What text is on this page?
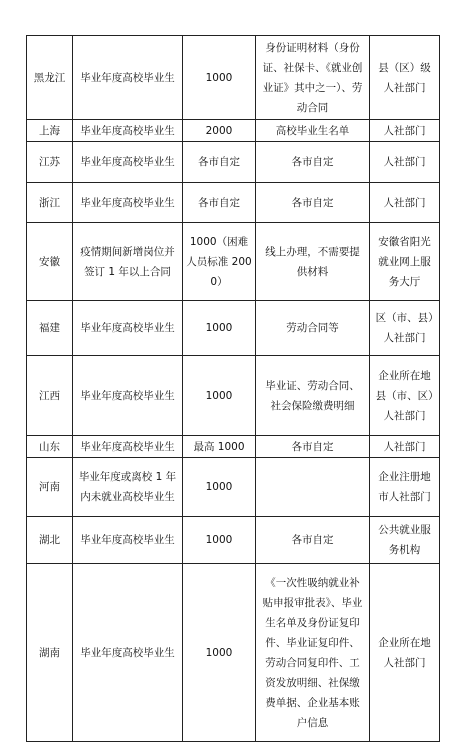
黑龙江	毕业年度高校毕业生	1000	身份证明材料（身份证、社保卡、《就业创业证》其中之一）、劳动合同	县（区）级人社部门
上海	毕业年度高校毕业生	2000	高校毕业生名单	人社部门
江苏	毕业年度高校毕业生	各市自定	各市自定	人社部门
浙江	毕业年度高校毕业生	各市自定	各市自定	人社部门
安徽	疫情期间新增岗位并签订 1 年以上合同	1000（困难人员标准 2000）	线上办理，不需要提供材料	安徽省阳光就业网上服务大厅
福建	毕业年度高校毕业生	1000	劳动合同等	区（市、县）人社部门
江西	毕业年度高校毕业生	1000	毕业证、劳动合同、社会保险缴费明细	企业所在地县（市、区）人社部门
山东	毕业年度高校毕业生	最高 1000	各市自定	人社部门
河南	毕业年度或离校 1 年内未就业高校毕业生	1000		企业注册地市人社部门
湖北	毕业年度高校毕业生	1000	各市自定	公共就业服务机构
湖南	毕业年度高校毕业生	1000	《一次性吸纳就业补贴申报审批表》、毕业生名单及身份证复印件、毕业证复印件、劳动合同复印件、工资发放明细、社保缴费单据、企业基本账户信息	企业所在地人社部门
